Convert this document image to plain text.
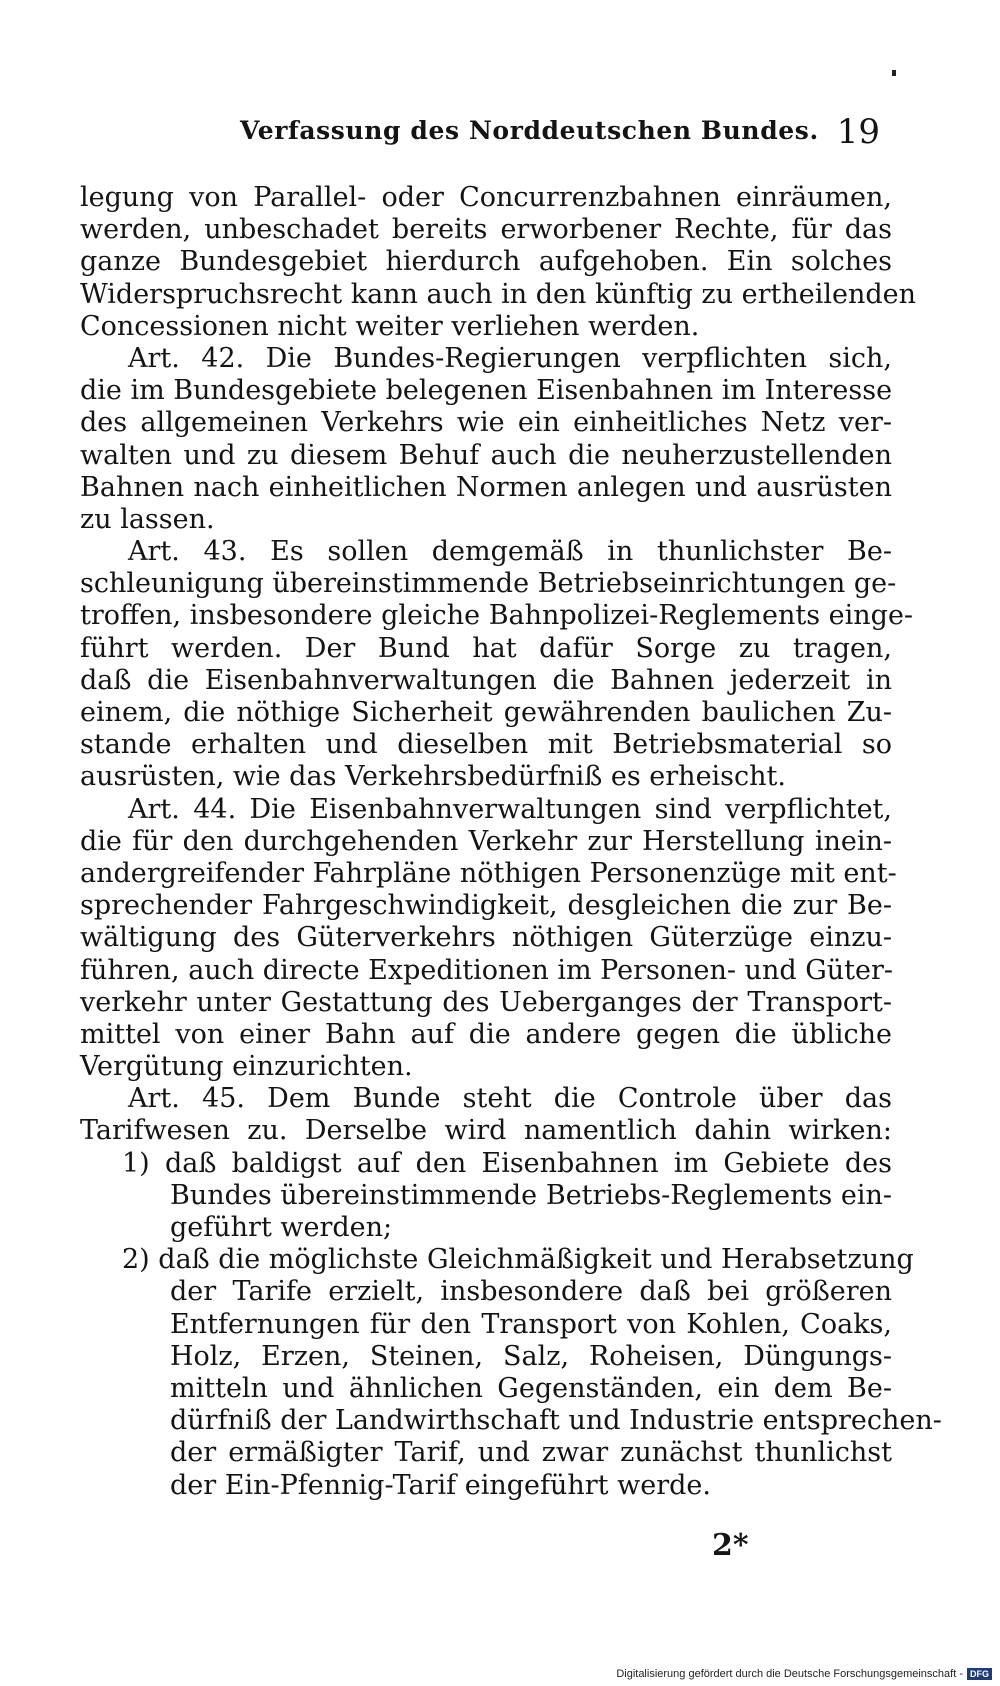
Verfassung des Norddeutschen Bundes. 19
legung von Parallel- oder Concurrenzbahnen einräumen,
werden, unbeschadet bereits erworbener Rechte, für das
ganze Bundesgebiet hierdurch aufgehoben. Ein solches
Widerspruchsrecht kann auch in den künftig zu ertheilenden
Concessionen nicht weiter verliehen werden.
Art. 42. Die Bundes-Regierungen verpflichten sich,
die im Bundesgebiete belegenen Eisenbahnen im Interesse
des allgemeinen Verkehrs wie ein einheitliches Netz ver-
walten und zu diesem Behuf auch die neuherzustellenden
Bahnen nach einheitlichen Normen anlegen und ausrüsten
zu lassen.
Art. 43. Es sollen demgemäß in thunlichster Be-
schleunigung übereinstimmende Betriebseinrichtungen ge-
troffen, insbesondere gleiche Bahnpolizei-Reglements einge-
führt werden. Der Bund hat dafür Sorge zu tragen,
daß die Eisenbahnverwaltungen die Bahnen jederzeit in
einem, die nöthige Sicherheit gewährenden baulichen Zu-
stande erhalten und dieselben mit Betriebsmaterial so
ausrüsten, wie das Verkehrsbedürfniß es erheischt.
Art. 44. Die Eisenbahnverwaltungen sind verpflichtet,
die für den durchgehenden Verkehr zur Herstellung inein-
andergreifender Fahrpläne nöthigen Personenzüge mit ent-
sprechender Fahrgeschwindigkeit, desgleichen die zur Be-
wältigung des Güterverkehrs nöthigen Güterzüge einzu-
führen, auch directe Expeditionen im Personen- und Güter-
verkehr unter Gestattung des Ueberganges der Transport-
mittel von einer Bahn auf die andere gegen die übliche
Vergütung einzurichten.
Art. 45. Dem Bunde steht die Controle über das
Tarifwesen zu. Derselbe wird namentlich dahin wirken:
1) daß baldigst auf den Eisenbahnen im Gebiete des
Bundes übereinstimmende Betriebs-Reglements ein-
geführt werden;
2) daß die möglichste Gleichmäßigkeit und Herabsetzung
der Tarife erzielt, insbesondere daß bei größeren
Entfernungen für den Transport von Kohlen, Coaks,
Holz, Erzen, Steinen, Salz, Roheisen, Düngungs-
mitteln und ähnlichen Gegenständen, ein dem Be-
dürfniß der Landwirthschaft und Industrie entsprechen-
der ermäßigter Tarif, und zwar zunächst thunlichst
der Ein-Pfennig-Tarif eingeführt werde.
2*
Digitalisierung gefördert durch die Deutsche Forschungsgemeinschaft - DFG
